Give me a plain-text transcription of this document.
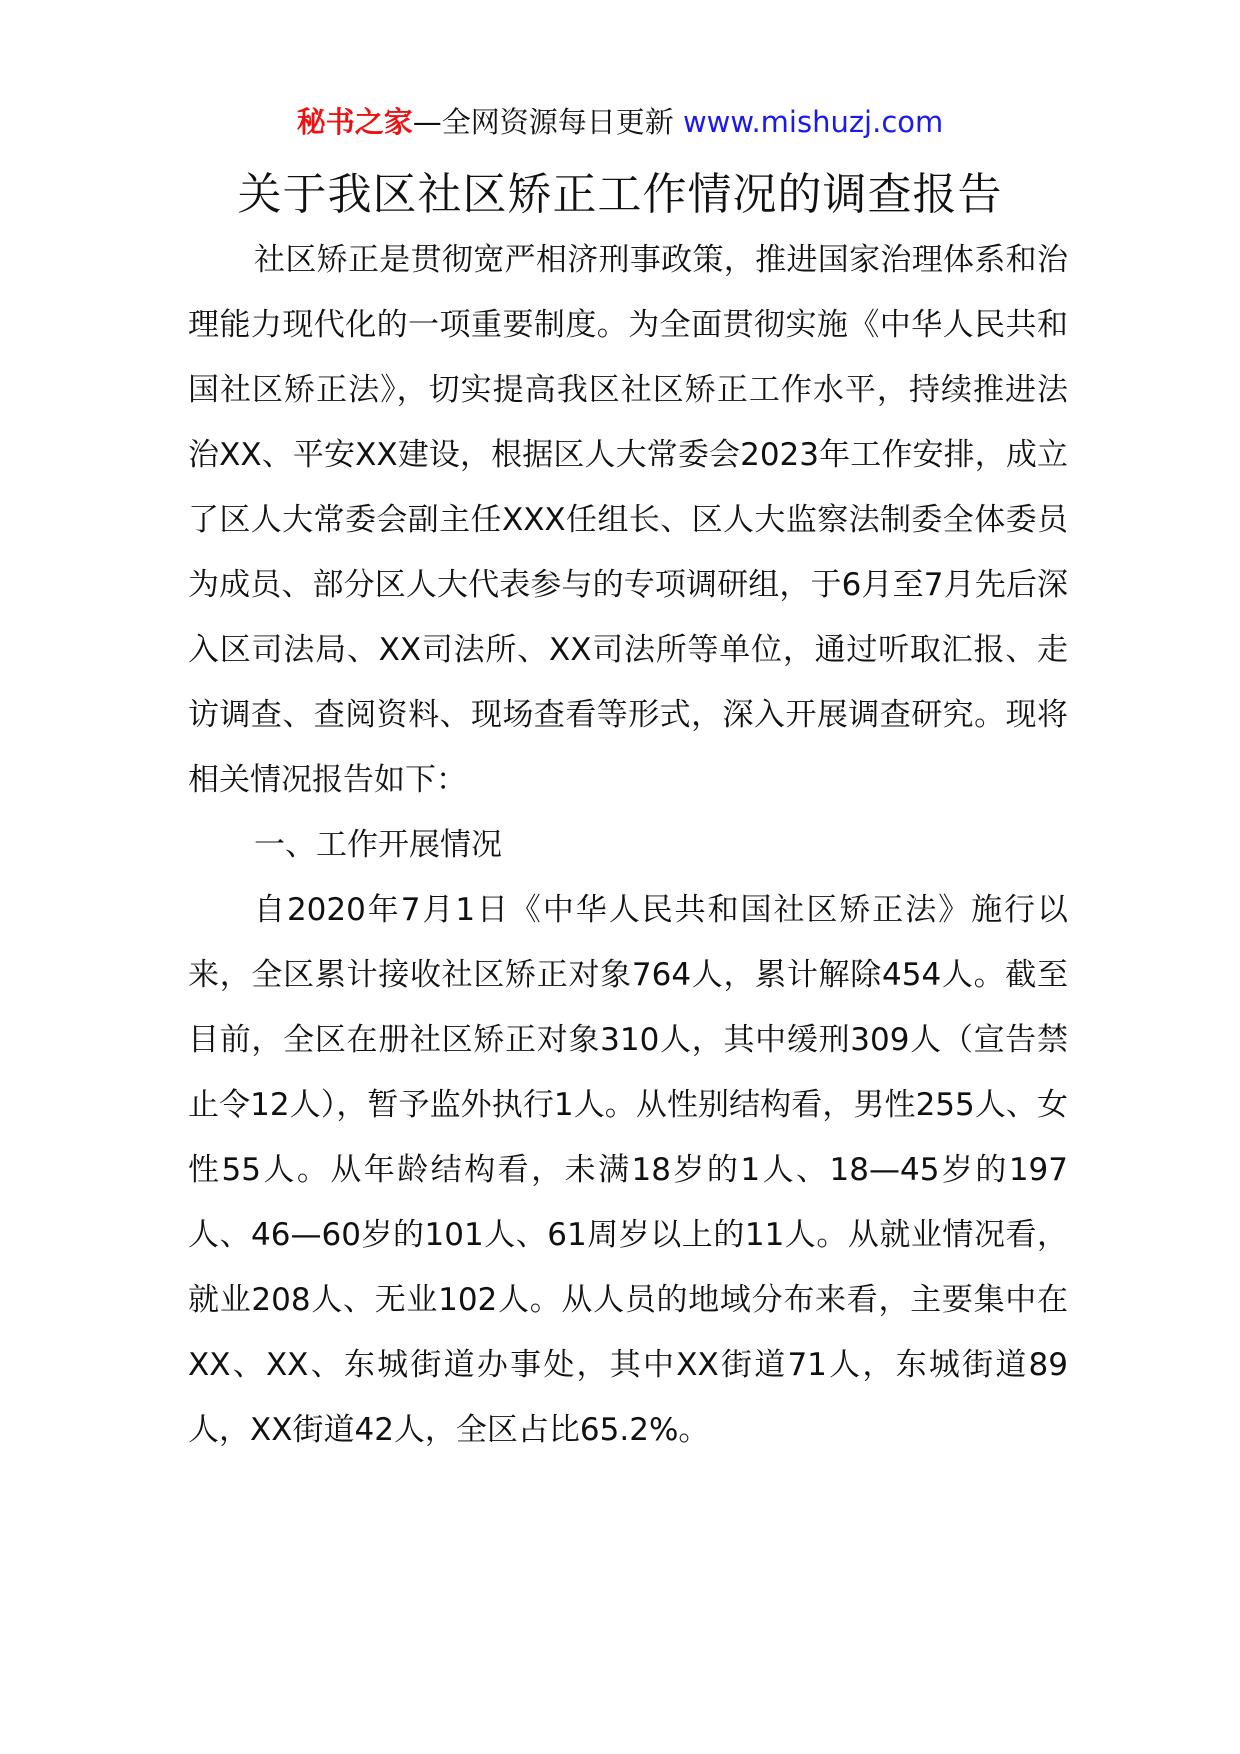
秘书之家—全网资源每日更新 www.mishuzj.com
关于我区社区矫正工作情况的调查报告

社区矫正是贯彻宽严相济刑事政策，推进国家治理体系和治理能力现代化的一项重要制度。为全面贯彻实施《中华人民共和国社区矫正法》，切实提高我区社区矫正工作水平，持续推进法治XX、平安XX建设，根据区人大常委会2023年工作安排，成立了区人大常委会副主任XXX任组长、区人大监察法制委全体委员为成员、部分区人大代表参与的专项调研组，于6月至7月先后深入区司法局、XX司法所、XX司法所等单位，通过听取汇报、走访调查、查阅资料、现场查看等形式，深入开展调查研究。现将相关情况报告如下：

一、工作开展情况

自2020年7月1日《中华人民共和国社区矫正法》施行以来，全区累计接收社区矫正对象764人，累计解除454人。截至目前，全区在册社区矫正对象310人，其中缓刑309人（宣告禁止令12人），暂予监外执行1人。从性别结构看，男性255人、女性55人。从年龄结构看，未满18岁的1人、18—45岁的197人、46—60岁的101人、61周岁以上的11人。从就业情况看，就业208人、无业102人。从人员的地域分布来看，主要集中在XX、XX、东城街道办事处，其中XX街道71人，东城街道89人，XX街道42人，全区占比65.2%。
